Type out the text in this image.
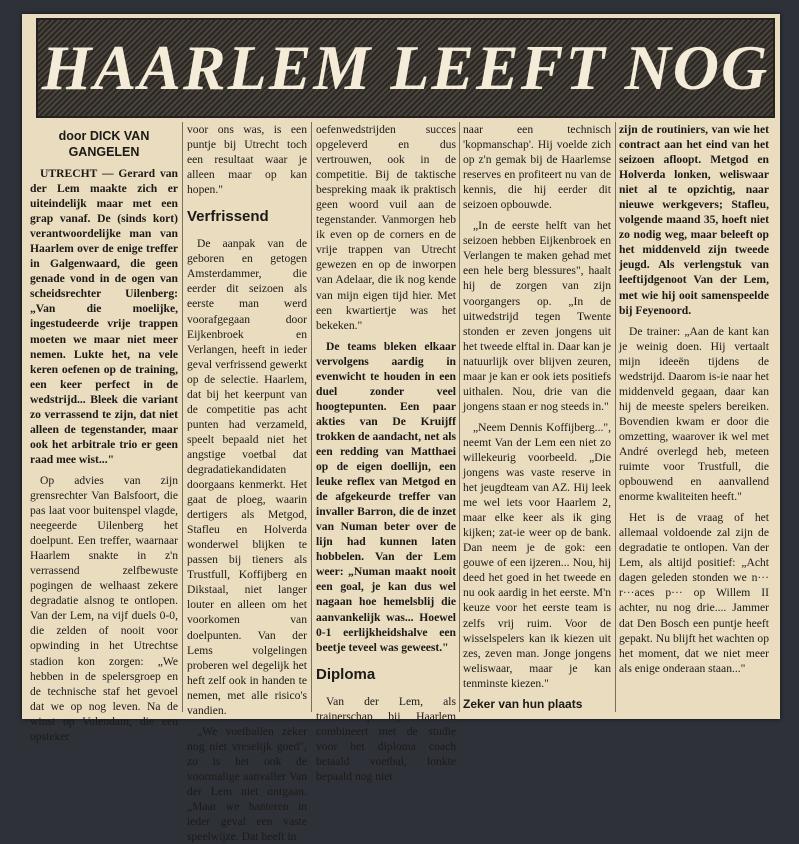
HAARLEM LEEFT NOG

door DICK VAN GANGELEN

UTRECHT — Gerard van der Lem maakte zich er uiteindelijk maar met een grap vanaf. De (sinds kort) verantwoordelijke man van Haarlem over de enige treffer in Galgenwaard, die geen genade vond in de ogen van scheidsrechter Uilenberg: „Van die moelijke, ingestudeerde vrije trappen moeten we maar niet meer nemen. Lukte het, na vele keren oefenen op de training, een keer perfect in de wedstrijd... Bleek die variant zo verrassend te zijn, dat niet alleen de tegenstander, maar ook het arbitrale trio er geen raad mee wist..."

Op advies van zijn grensrechter Van Balsfoort, die pas laat voor buitenspel vlagde, neegeerde Uilenberg het doelpunt. Een treffer, waarnaar Haarlem snakte in z'n verrassend zelfbewuste pogingen de welhaast zekere degradatie alsnog te ontlopen. Van der Lem, na vijf duels 0-0, die zelden of nooit voor opwinding in het Utrechtse stadion kon zorgen: „We hebben in de spelersgroep en de technische staf het gevoel dat we op nog leven. Na de winst op Volendam, die een opsteker

voor ons was, is een puntje bij Utrecht toch een resultaat waar je alleen maar op kan hopen."

Verfrissend

De aanpak van de geboren en getogen Amsterdammer, die eerder dit seizoen als eerste man werd voorafgegaan door Eijkenbroek en Verlangen, heeft in ieder geval verfrissend gewerkt op de selectie. Haarlem, dat bij het keerpunt van de competitie pas acht punten had verzameld, speelt bepaald niet het angstige voetbal dat degradatiekandidaten doorgaans kenmerkt. Het gaat de ploeg, waarin dertigers als Metgod, Stafleu en Holverda wonderwel blijken te passen bij tieners als Trustfull, Koffijberg en Dikstaal, niet langer louter en alleen om het voorkomen van doelpunten. Van der Lems volgelingen proberen wel degelijk het heft zelf ook in handen te nemen, met alle risico's vandien.

„We voetballen zeker nog niet vreselijk goed", zo is het ook de voormalige aanvaller Van der Lem niet ontgaan. „Maar we hanteren in ieder geval een vaste speelwijze. Dat heeft in

oefenwedstrijden succes opgeleverd en dus vertrouwen, ook in de competitie. Bij de taktische bespreking maak ik praktisch geen woord vuil aan de tegenstander. Vanmorgen heb ik even op de corners en de vrije trappen van Utrecht gewezen en op de inworpen van Adelaar, die ik nog kende van mijn eigen tijd hier. Met een kwartiertje was het bekeken."

De teams bleken elkaar vervolgens aardig in evenwicht te houden in een duel zonder veel hoogtepunten. Een paar akties van De Kruijff trokken de aandacht, net als een redding van Matthaei op de eigen doellijn, een leuke reflex van Metgod en de afgekeurde treffer van invaller Barron, die de inzet van Numan beter over de lijn had kunnen laten hobbelen. Van der Lem weer: „Numan maakt nooit een goal, je kan dus wel nagaan hoe hemelsblij die aanvankelijk was... Hoewel 0-1 eerlijkheidshalve een beetje teveel was geweest."

Diploma

Van der Lem, als trainerschap bij Haarlem combineert met de studie voor het diploma coach betaald voetbal, lonkte bepaald nog niet

naar een technisch 'kopmanschap'. Hij voelde zich op z'n gemak bij de Haarlemse reserves en profiteert nu van de kennis, die hij eerder dit seizoen opbouwde.

„In de eerste helft van het seizoen hebben Eijkenbroek en Verlangen te maken gehad met een hele berg blessures", haalt hij de zorgen van zijn voorgangers op. „In de uitwedstrijd tegen Twente stonden er zeven jongens uit het tweede elftal in. Daar kan je natuurlijk over blijven zeuren, maar je kan er ook iets positiefs uithalen. Nou, drie van die jongens staan er nog steeds in."

„Neem Dennis Koffijberg...", neemt Van der Lem een niet zo willekeurig voorbeeld. „Die jongens was vaste reserve in het jeugdteam van AZ. Hij leek me wel iets voor Haarlem 2, maar elke keer als ik ging kijken; zat-ie weer op de bank. Dan neem je de gok: een gouwe of een ijzeren... Nou, hij deed het goed in het tweede en nu ook aardig in het eerste. M'n keuze voor het eerste team is zelfs vrij ruim. Voor de wisselspelers kan ik kiezen uit zes, zeven man. Jonge jongens weliswaar, maar je kan tenminste kiezen."

Zeker van hun plaats

zijn de routiniers, van wie het contract aan het eind van het seizoen afloopt. Metgod en Holverda lonken, weliswaar niet al te opzichtig, naar nieuwe werkgevers; Stafleu, volgende maand 35, hoeft niet zo nodig weg, maar beleeft op het middenveld zijn tweede jeugd. Als verlengstuk van leeftijdgenoot Van der Lem, met wie hij ooit samenspeelde bij Feyenoord.

De trainer: „Aan de kant kan je weinig doen. Hij vertaalt mijn ideeën tijdens de wedstrijd. Daarom is-ie naar het middenveld gegaan, daar kan hij de meeste spelers bereiken. Bovendien kwam er door die omzetting, waarover ik wel met André overlegd heb, meteen ruimte voor Trustfull, die opbouwend en aanvallend enorme kwaliteiten heeft."

Het is de vraag of het allemaal voldoende zal zijn de degradatie te ontlopen. Van der Lem, als altijd positief: „Acht dagen geleden stonden we n··· r···aces p··· op Willem II achter, nu nog drie.... Jammer dat Den Bosch een puntje heeft gepakt. Nu blijft het wachten op het moment, dat we niet meer als enige onderaan staan..."
